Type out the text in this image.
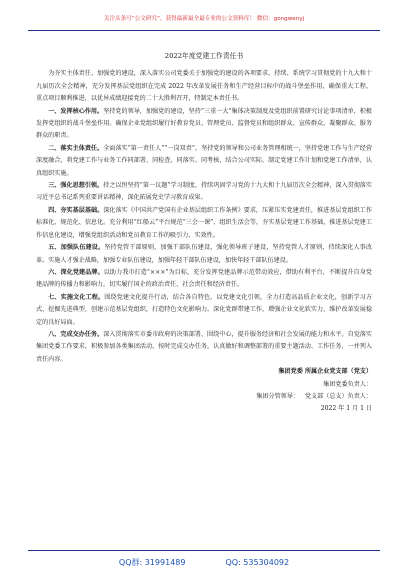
关注头条号“公文研究”，获得最新最全最专业的公文资料库！ 微信：gongwenyj

2022年度党建工作责任书

为夯实主体责任、加强党的建设，深入落实公司党委关于加强党的建设的各项要求，持续、系统学习贯彻党的十九大和十九届历次全会精神，充分发挥基层党组织在完成 2022 年改革发展任务和生产经营目标中的战斗堡垒作用，确保重大工程、重点项目顺利推进，以优异成绩迎接党的二十大胜利召开，特制定本责任书。

一、发挥核心作用。坚持党的领导，加强党的建设，坚持“三重一大”集体决策制度及党组织前置研究讨论事项清单，积极发挥党组织的战斗堡垒作用。确保企业党组织履行好教育党员、管理党员、监督党员和组织群众、宣传群众、凝聚群众、服务群众的职责。

二、落实主体责任。全面落实“第一责任人”“一岗双责”，坚持党的领导和公司业务管理相统一，坚持党建工作与生产经营深度融合，将党建工作与业务工作同部署、同检查、同落实、同考核，结合公司实际，制定党建工作计划和党建工作清单，认真组织实施。

三、强化思想引领。持之以恒坚持“第一议题”学习制度，持续巩固学习党的十九大和十九届历次全会精神，深入贯彻落实习近平总书记系列重要讲话精神，深化拓展党史学习教育成果。

四、夯实基层基础。深化落实《中国共产党国有企业基层组织工作条例》要求，压紧压实党建责任，推进基层党组织工作标准化、规范化、信息化。充分利用“红船云”平台规范“三会一课”、组织生活会等，夯实基层党建工作基础，推进基层党建工作信息化建设，增强党组织活动和党员教育工作的吸引力、实效性。

五、加强队伍建设。坚持党管干部原则，加强干部队伍建设，强化领导班子建设，坚持党管人才原则，持续深化人事改革。实施人才强企战略，加强专业队伍建设，加强年轻干部队伍建设，加快年轻干部队伍建设。

六、深化党建品牌。以助力我市打造“×××”为目标，充分发挥党建品牌示范带动效应，借助有利平台，不断提升自身党建品牌的传播力和影响力，切实履行国企的政治责任、社会责任和经济责任。

七、实施文化工程。围绕党建文化提升行动，结合各自特色，以党建文化引领，全力打造高品质企业文化，创新学习方式，挖掘先进典型，创建示范基层党组织，打造特色文化影响力。深化党群带建工作，增强企业文化软实力，维护改革发展稳定的良好局面。

八、完成交办任务。深入贯彻落实市委市政府的决策部署，围绕中心，提升服务经济和社会发展的能力和水平。自觉落实集团党委工作要求，积极参加各类集团活动，按时完成交办任务，认真做好和调整部署的重要主题活动、工作任务，一并列入责任内容。

集团党委 所属企业党支部（党支）

集团党委负责人：

集团分管领导： 党支部（总支）负责人：

2022 年 1 月 1 日

QQ群: 31991489	QQ: 535304092
